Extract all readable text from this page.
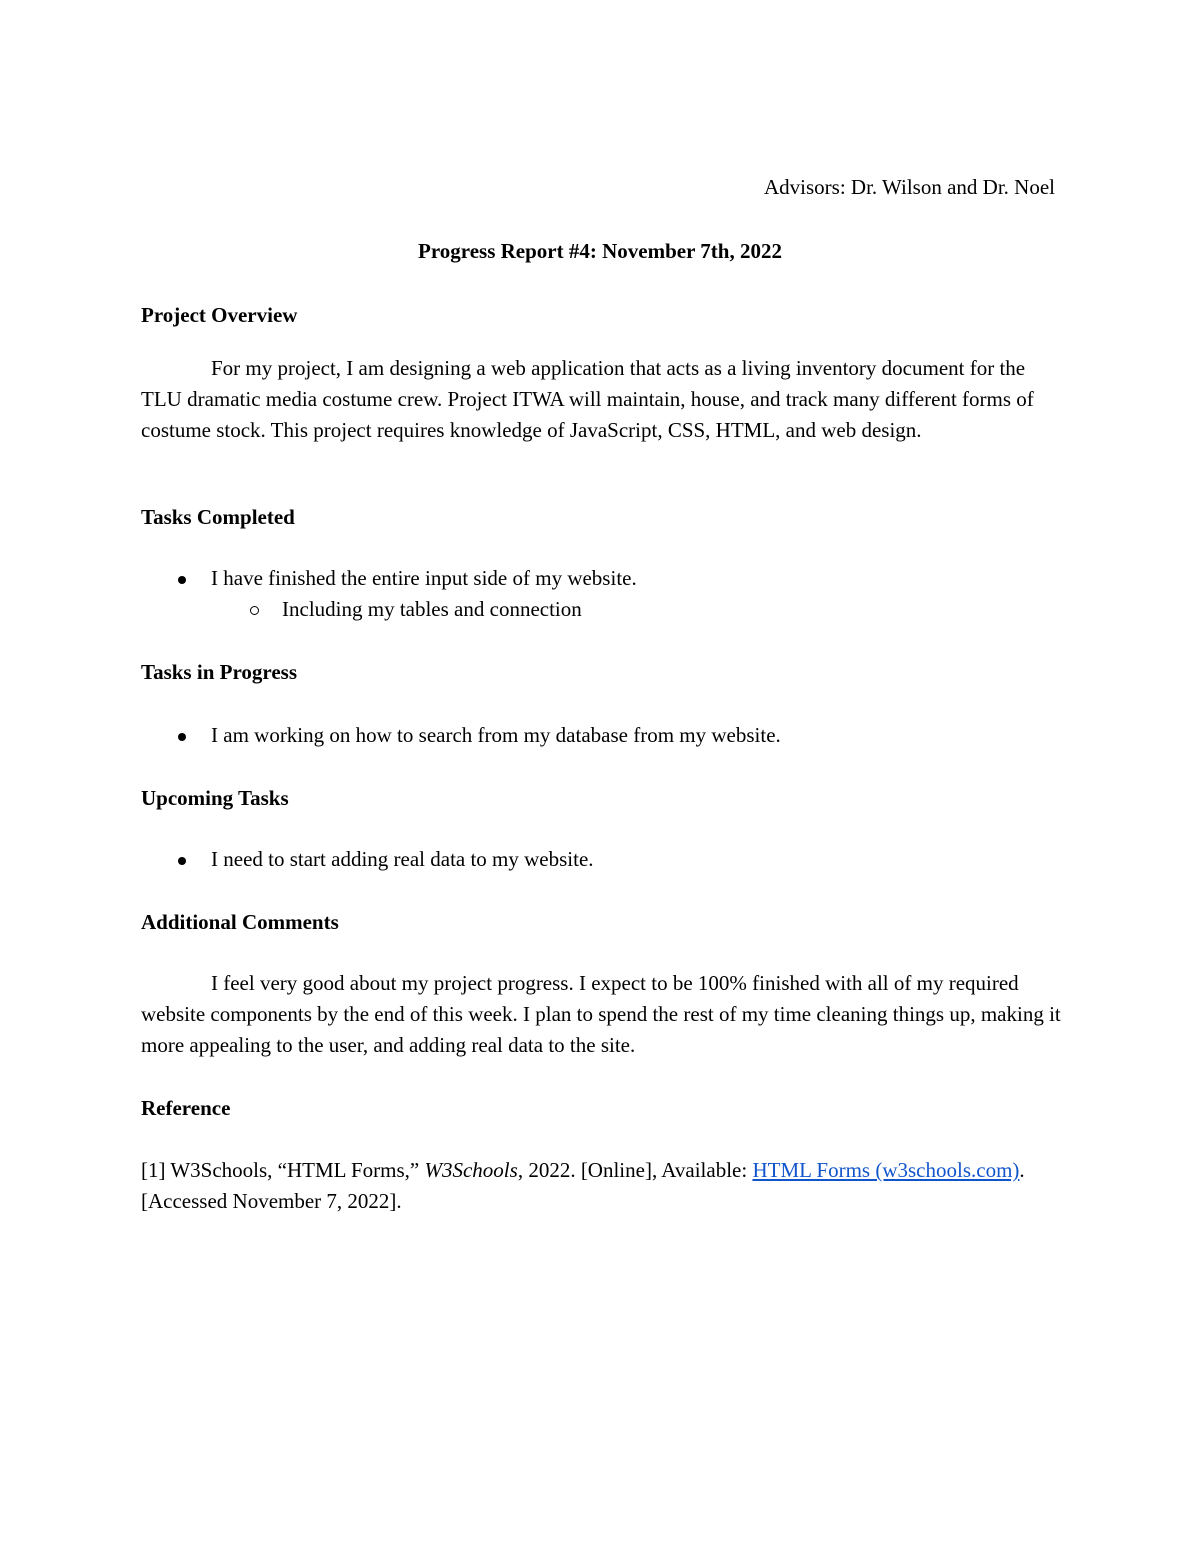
Advisors: Dr. Wilson and Dr. Noel
Progress Report #4: November 7th, 2022
Project Overview

For my project, I am designing a web application that acts as a living inventory document for the TLU dramatic media costume crew. Project ITWA will maintain, house, and track many different forms of costume stock. This project requires knowledge of JavaScript, CSS, HTML, and web design.

Tasks Completed
I have finished the entire input side of my website.
Including my tables and connection
Tasks in Progress
I am working on how to search from my database from my website.
Upcoming Tasks
I need to start adding real data to my website.
Additional Comments

I feel very good about my project progress. I expect to be 100% finished with all of my required website components by the end of this week. I plan to spend the rest of my time cleaning things up, making it more appealing to the user, and adding real data to the site.

Reference

[1] W3Schools, “HTML Forms,” W3Schools, 2022. [Online], Available: HTML Forms (w3schools.com). [Accessed November 7, 2022].
